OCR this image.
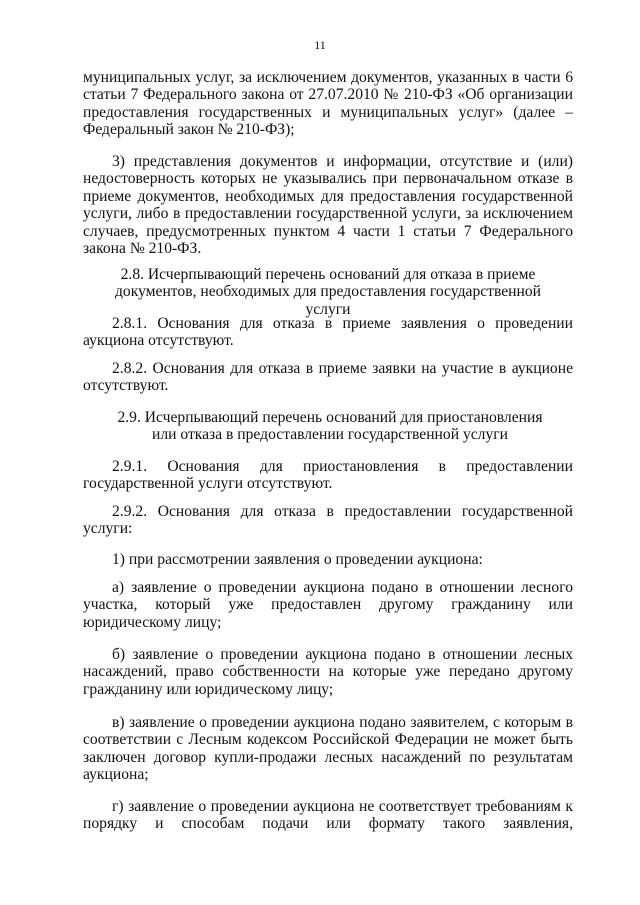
11

муниципальных услуг, за исключением документов, указанных в части 6 статьи 7 Федерального закона от 27.07.2010 № 210-ФЗ «Об организации предоставления государственных и муниципальных услуг» (далее – Федеральный закон № 210-ФЗ);

3) представления документов и информации, отсутствие и (или) недостоверность которых не указывались при первоначальном отказе в приеме документов, необходимых для предоставления государственной услуги, либо в предоставлении государственной услуги, за исключением случаев, предусмотренных пунктом 4 части 1 статьи 7 Федерального закона № 210-ФЗ.

2.8. Исчерпывающий перечень оснований для отказа в приеме документов, необходимых для предоставления государственной услуги

2.8.1. Основания для отказа в приеме заявления о проведении аукциона отсутствуют.

2.8.2. Основания для отказа в приеме заявки на участие в аукционе отсутствуют.

2.9. Исчерпывающий перечень оснований для приостановления или отказа в предоставлении государственной услуги

2.9.1. Основания для приостановления в предоставлении государственной услуги отсутствуют.

2.9.2. Основания для отказа в предоставлении государственной услуги:

1) при рассмотрении заявления о проведении аукциона:

а) заявление о проведении аукциона подано в отношении лесного участка, который уже предоставлен другому гражданину или юридическому лицу;

б) заявление о проведении аукциона подано в отношении лесных насаждений, право собственности на которые уже передано другому гражданину или юридическому лицу;

в) заявление о проведении аукциона подано заявителем, с которым в соответствии с Лесным кодексом Российской Федерации не может быть заключен договор купли-продажи лесных насаждений по результатам аукциона;

г) заявление о проведении аукциона не соответствует требованиям к порядку и способам подачи или формату такого заявления,
